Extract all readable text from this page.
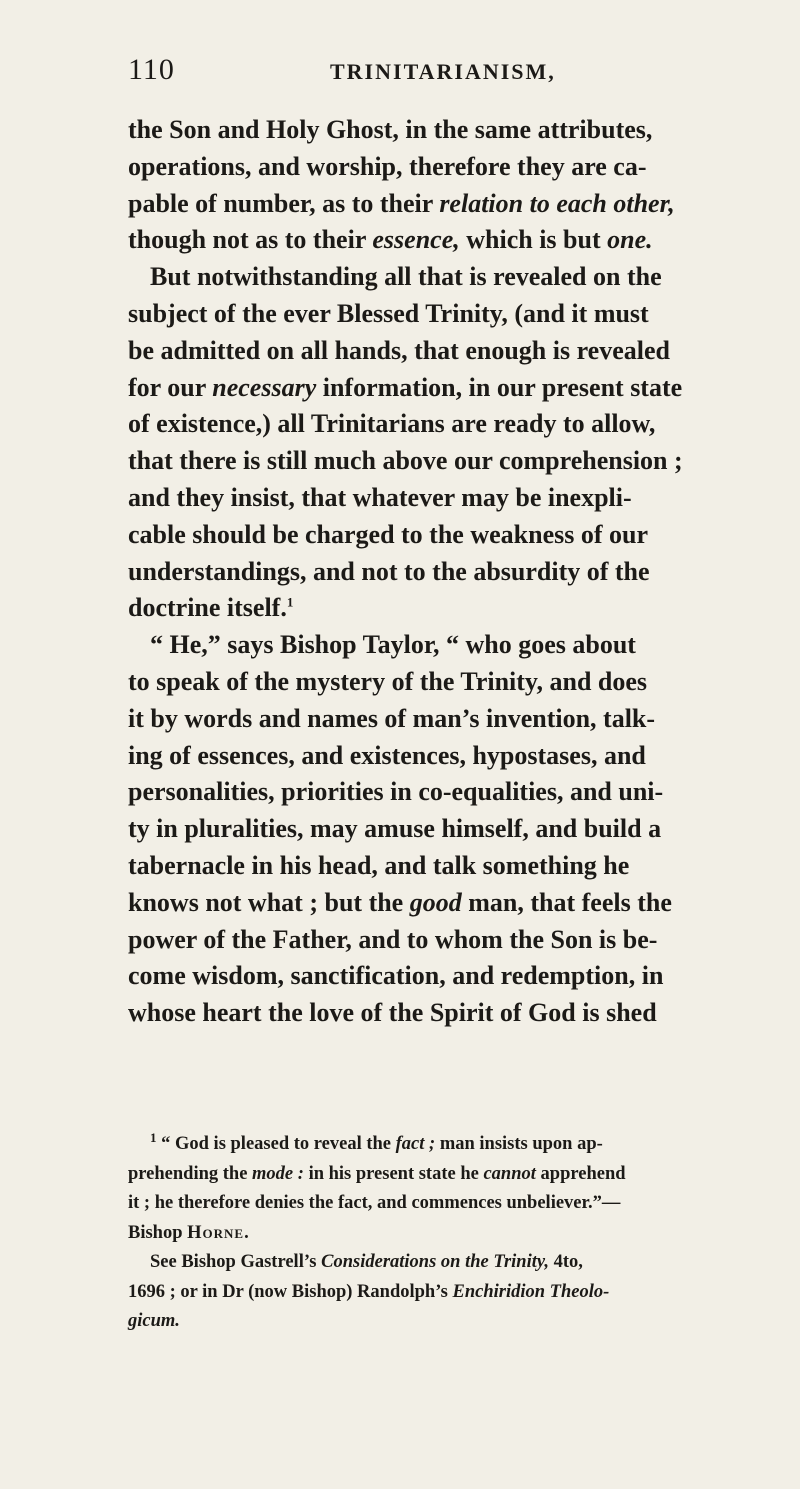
110	TRINITARIANISM,

the Son and Holy Ghost, in the same attributes,
operations, and worship, therefore they are ca-
pable of number, as to their relation to each other,
though not as to their essence, which is but one.

But notwithstanding all that is revealed on the
subject of the ever Blessed Trinity, (and it must
be admitted on all hands, that enough is revealed
for our necessary information, in our present state
of existence,) all Trinitarians are ready to allow,
that there is still much above our comprehension ;
and they insist, that whatever may be inexpli-
cable should be charged to the weakness of our
understandings, and not to the absurdity of the
doctrine itself.$^1$

“ He,” says Bishop Taylor, “ who goes about
to speak of the mystery of the Trinity, and does
it by words and names of man’s invention, talk-
ing of essences, and existences, hypostases, and
personalities, priorities in co-equalities, and uni-
ty in pluralities, may amuse himself, and build a
tabernacle in his head, and talk something he
knows not what ; but the good man, that feels the
power of the Father, and to whom the Son is be-
come wisdom, sanctification, and redemption, in
whose heart the love of the Spirit of God is shed

$^1$ “ God is pleased to reveal the fact ; man insists upon ap-
prehending the mode : in his present state he cannot apprehend
it ; he therefore denies the fact, and commences unbeliever.”—
Bishop Horne.
See Bishop Gastrell’s Considerations on the Trinity, 4to,
1696 ; or in Dr (now Bishop) Randolph’s Enchiridion Theolo-
gicum.
